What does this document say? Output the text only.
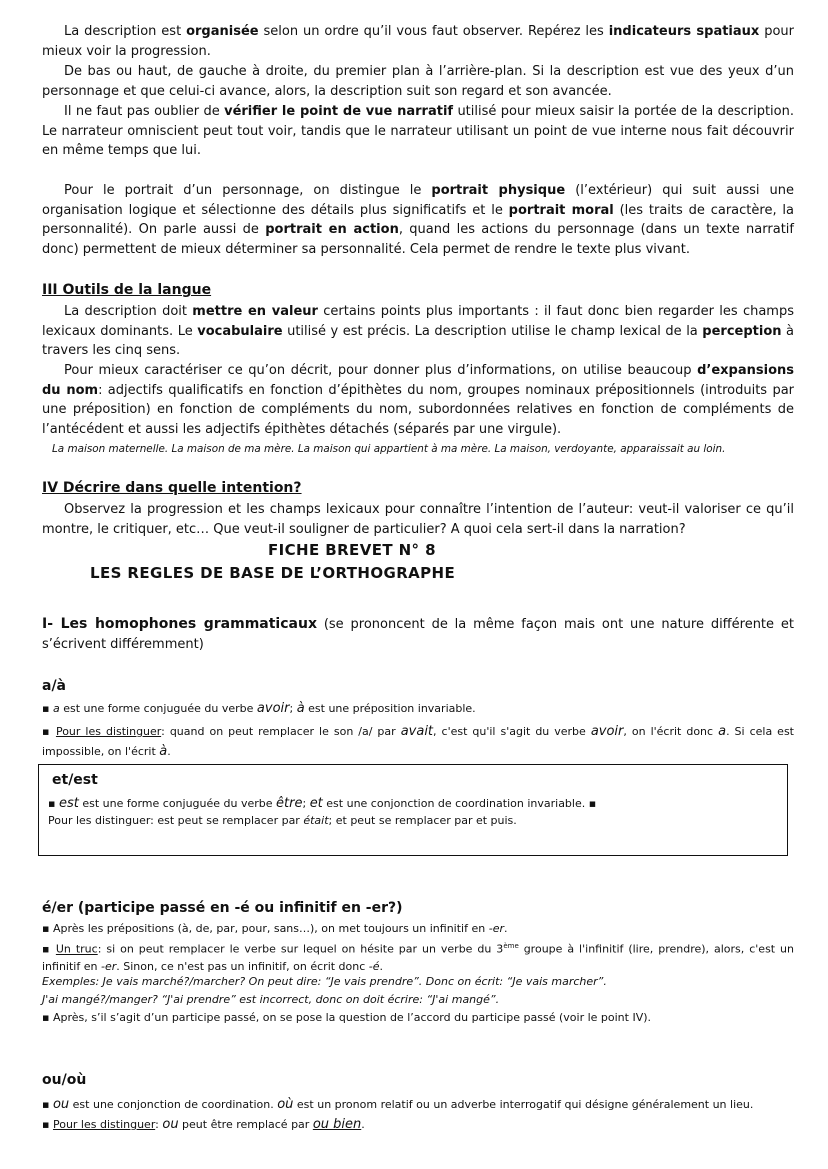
La description est organisée selon un ordre qu’il vous faut observer. Repérez les indicateurs spatiaux pour mieux voir la progression.

De bas ou haut, de gauche à droite, du premier plan à l’arrière-plan. Si la description est vue des yeux d’un personnage et que celui-ci avance, alors, la description suit son regard et son avancée.

Il ne faut pas oublier de vérifier le point de vue narratif utilisé pour mieux saisir la portée de la description. Le narrateur omniscient peut tout voir, tandis que le narrateur utilisant un point de vue interne nous fait découvrir en même temps que lui.

Pour le portrait d’un personnage, on distingue le portrait physique (l’extérieur) qui suit aussi une organisation logique et sélectionne des détails plus significatifs et le portrait moral (les traits de caractère, la personnalité). On parle aussi de portrait en action, quand les actions du personnage (dans un texte narratif donc) permettent de mieux déterminer sa personnalité. Cela permet de rendre le texte plus vivant.

III Outils de la langue

La description doit mettre en valeur certains points plus importants : il faut donc bien regarder les champs lexicaux dominants. Le vocabulaire utilisé y est précis. La description utilise le champ lexical de la perception à travers les cinq sens.

Pour mieux caractériser ce qu’on décrit, pour donner plus d’informations, on utilise beaucoup d’expansions du nom: adjectifs qualificatifs en fonction d’épithètes du nom, groupes nominaux prépositionnels (introduits par une préposition) en fonction de compléments du nom, subordonnées relatives en fonction de compléments de l’antécédent et aussi les adjectifs épithètes détachés (séparés par une virgule).

La maison maternelle. La maison de ma mère. La maison qui appartient à ma mère. La maison, verdoyante, apparaissait au loin.

IV Décrire dans quelle intention?

Observez la progression et les champs lexicaux pour connaître l’intention de l’auteur: veut-il valoriser ce qu’il montre, le critiquer, etc… Que veut-il souligner de particulier? A quoi cela sert-il dans la narration?

FICHE BREVET N° 8
LES REGLES DE BASE DE L’ORTHOGRAPHE

I- Les homophones grammaticaux (se prononcent de la même façon mais ont une nature différente et s’écrivent différemment)

a/à

▪ a est une forme conjuguée du verbe avoir; à est une préposition invariable.

▪ Pour les distinguer: quand on peut remplacer le son /a/ par avait, c'est qu'il s'agit du verbe avoir, on l'écrit donc a. Si cela est impossible, on l'écrit à.

et/est

▪ est est une forme conjuguée du verbe être; et est une conjonction de coordination invariable. ▪ Pour les distinguer: est peut se remplacer par était; et peut se remplacer par et puis.

é/er (participe passé en -é ou infinitif en -er?)

▪ Après les prépositions (à, de, par, pour, sans…), on met toujours un infinitif en -er.

▪ Un truc: si on peut remplacer le verbe sur lequel on hésite par un verbe du 3ème groupe à l'infinitif (lire, prendre), alors, c'est un infinitif en -er. Sinon, ce n'est pas un infinitif, on écrit donc -é.

Exemples: Je vais marché?/marcher? On peut dire: “Je vais prendre”. Donc on écrit: “Je vais marcher”.

J'ai mangé?/manger? “J'ai prendre” est incorrect, donc on doit écrire: “J'ai mangé”.

▪ Après, s’il s’agit d’un participe passé, on se pose la question de l’accord du participe passé (voir le point IV).

ou/où

▪ ou est une conjonction de coordination. où est un pronom relatif ou un adverbe interrogatif qui désigne généralement un lieu.

▪ Pour les distinguer: ou peut être remplacé par ou bien.
